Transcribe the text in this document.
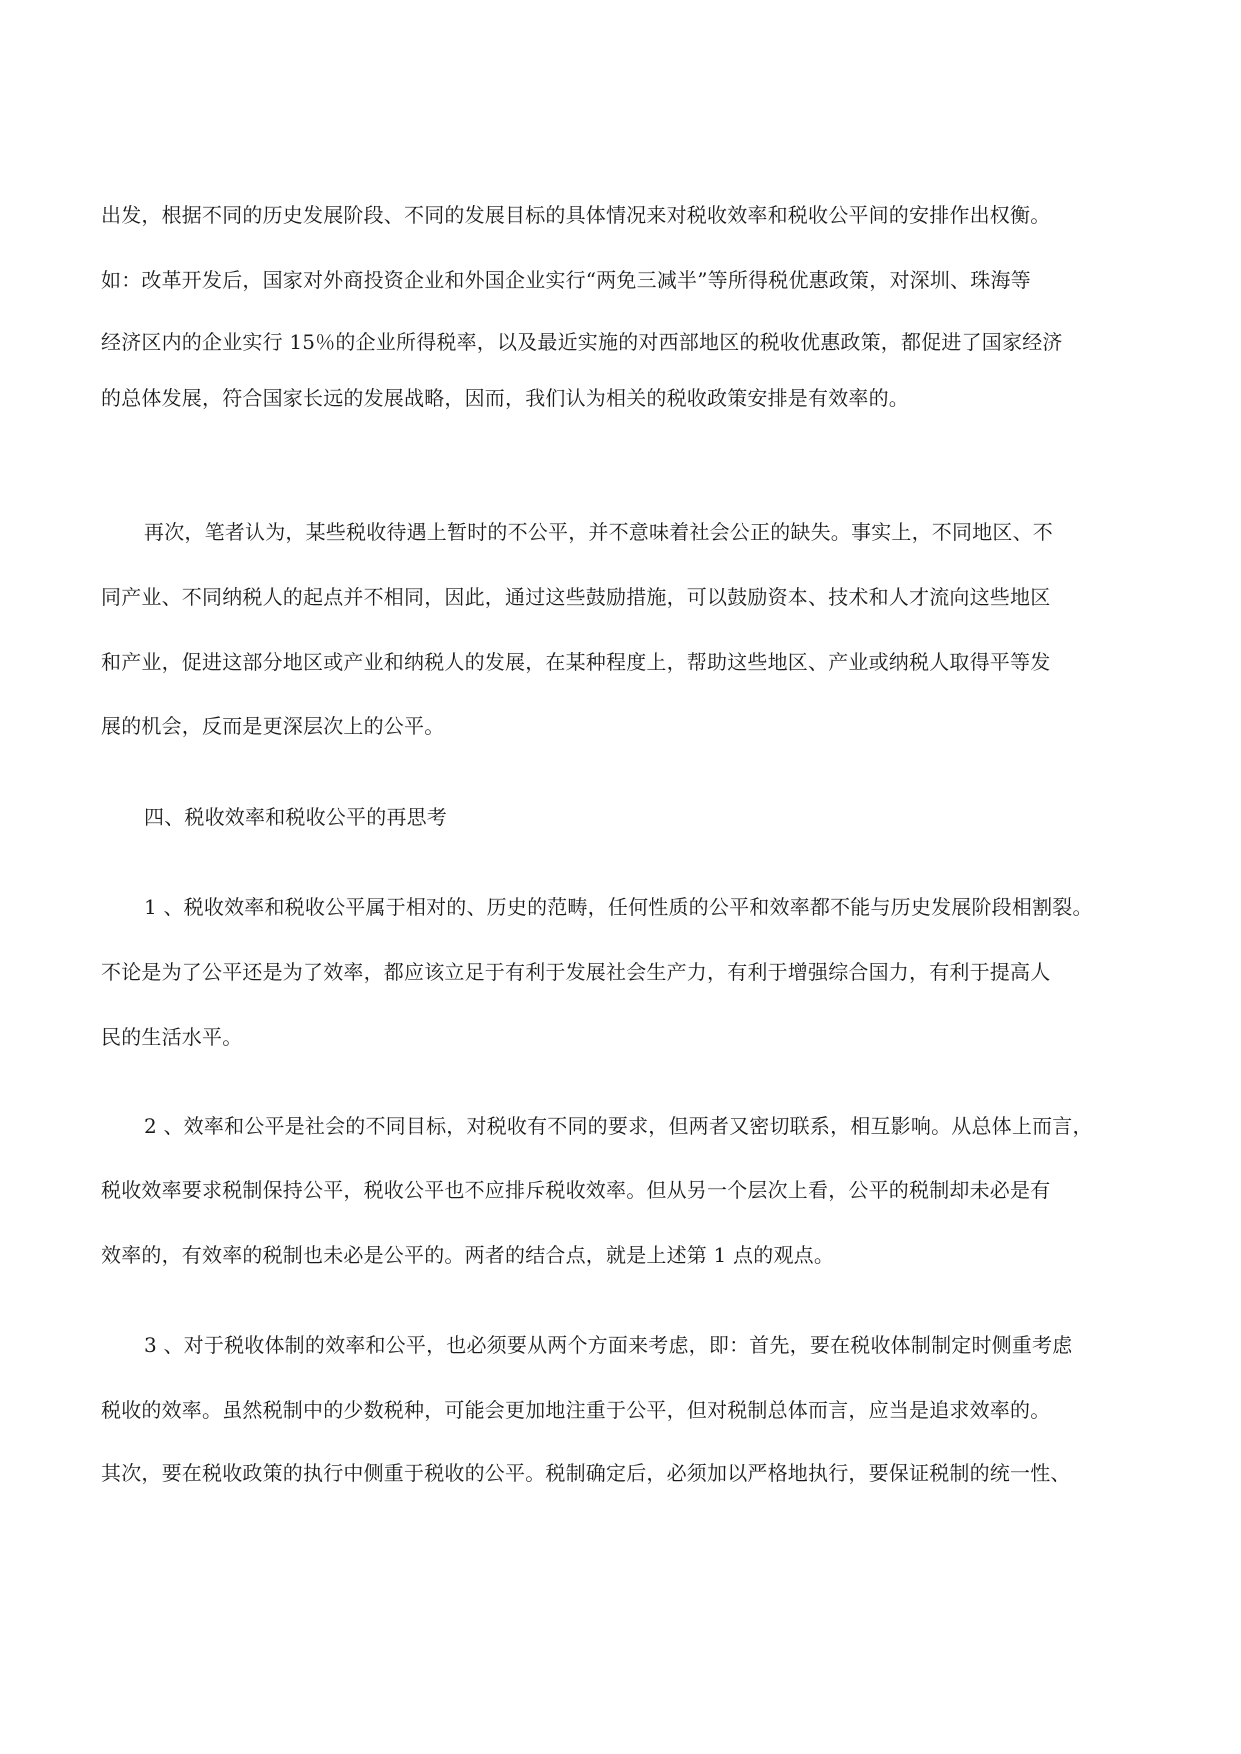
出发，根据不同的历史发展阶段、不同的发展目标的具体情况来对税收效率和税收公平间的安排作出权衡。
如：改革开发后，国家对外商投资企业和外国企业实行“两免三减半”等所得税优惠政策，对深圳、珠海等
经济区内的企业实行 15％的企业所得税率，以及最近实施的对西部地区的税收优惠政策，都促进了国家经济
的总体发展，符合国家长远的发展战略，因而，我们认为相关的税收政策安排是有效率的。
再次，笔者认为，某些税收待遇上暂时的不公平，并不意味着社会公正的缺失。事实上，不同地区、不
同产业、不同纳税人的起点并不相同，因此，通过这些鼓励措施，可以鼓励资本、技术和人才流向这些地区
和产业，促进这部分地区或产业和纳税人的发展，在某种程度上，帮助这些地区、产业或纳税人取得平等发
展的机会，反而是更深层次上的公平。
四、税收效率和税收公平的再思考
1 、税收效率和税收公平属于相对的、历史的范畴，任何性质的公平和效率都不能与历史发展阶段相割裂。
不论是为了公平还是为了效率，都应该立足于有利于发展社会生产力，有利于增强综合国力，有利于提高人
民的生活水平。
2 、效率和公平是社会的不同目标，对税收有不同的要求，但两者又密切联系，相互影响。从总体上而言，
税收效率要求税制保持公平，税收公平也不应排斥税收效率。但从另一个层次上看，公平的税制却未必是有
效率的，有效率的税制也未必是公平的。两者的结合点，就是上述第 1 点的观点。
3 、对于税收体制的效率和公平，也必须要从两个方面来考虑，即：首先，要在税收体制制定时侧重考虑
税收的效率。虽然税制中的少数税种，可能会更加地注重于公平，但对税制总体而言，应当是追求效率的。
其次，要在税收政策的执行中侧重于税收的公平。税制确定后，必须加以严格地执行，要保证税制的统一性、
